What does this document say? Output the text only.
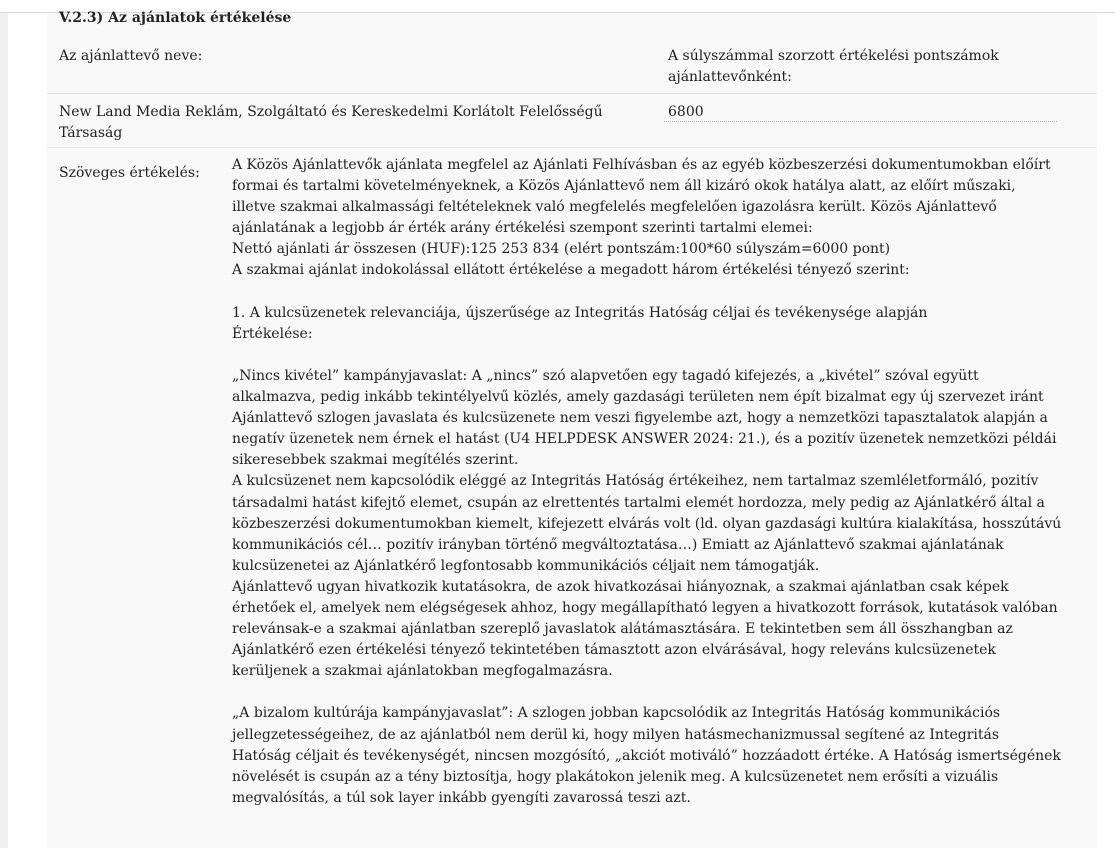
V.2.3) Az ajánlatok értékelése
Az ajánlattevő neve:	A súlyszámmal szorzott értékelési pontszámok ajánlattevőnként:
New Land Media Reklám, Szolgáltató és Kereskedelmi Korlátolt Felelősségű Társaság
6800
Szöveges értékelés: A Közös Ajánlattevők ajánlata megfelel az Ajánlati Felhívásban és az egyéb közbeszerzési dokumentumokban előírt formai és tartalmi követelményeknek, a Közös Ajánlattevő nem áll kizáró okok hatálya alatt, az előírt műszaki, illetve szakmai alkalmassági feltételeknek való megfelelés megfelelően igazolásra került. Közös Ajánlattevő ajánlatának a legjobb ár érték arány értékelési szempont szerinti tartalmi elemei:

Nettó ajánlati ár összesen (HUF):125 253 834 (elért pontszám:100*60 súlyszám=6000 pont)

A szakmai ajánlat indokolással ellátott értékelése a megadott három értékelési tényező szerint:

1. A kulcsüzenetek relevanciája, újszerűsége az Integritás Hatóság céljai és tevékenysége alapján

Értékelése:

„Nincs kivétel” kampányjavaslat: A „nincs” szó alapvetően egy tagadó kifejezés, a „kivétel” szóval együtt alkalmazva, pedig inkább tekintélyelvű közlés, amely gazdasági területen nem épít bizalmat egy új szervezet iránt Ajánlattevő szlogen javaslata és kulcsüzenete nem veszi figyelembe azt, hogy a nemzetközi tapasztalatok alapján a negatív üzenetek nem érnek el hatást (U4 HELPDESK ANSWER 2024: 21.), és a pozitív üzenetek nemzetközi példái sikeresebbek szakmai megítélés szerint.

A kulcsüzenet nem kapcsolódik eléggé az Integritás Hatóság értékeihez, nem tartalmaz szemléletformáló, pozitív társadalmi hatást kifejtő elemet, csupán az elrettentés tartalmi elemét hordozza, mely pedig az Ajánlatkérő által a közbeszerzési dokumentumokban kiemelt, kifejezett elvárás volt (ld. olyan gazdasági kultúra kialakítása, hosszútávú kommunikációs cél… pozitív irányban történő megváltoztatása…) Emiatt az Ajánlattevő szakmai ajánlatának kulcsüzenetei az Ajánlatkérő legfontosabb kommunikációs céljait nem támogatják.

Ajánlattevő ugyan hivatkozik kutatásokra, de azok hivatkozásai hiányoznak, a szakmai ajánlatban csak képek érhetőek el, amelyek nem elégségesek ahhoz, hogy megállapítható legyen a hivatkozott források, kutatások valóban relevánsak-e a szakmai ajánlatban szereplő javaslatok alátámasztására. E tekintetben sem áll összhangban az Ajánlatkérő ezen értékelési tényező tekintetében támasztott azon elvárásával, hogy releváns kulcsüzenetek kerüljenek a szakmai ajánlatokban megfogalmazásra.

„A bizalom kultúrája kampányjavaslat”: A szlogen jobban kapcsolódik az Integritás Hatóság kommunikációs jellegzetességeihez, de az ajánlatból nem derül ki, hogy milyen hatásmechanizmussal segítené az Integritás Hatóság céljait és tevékenységét, nincsen mozgósító, „akciót motiváló” hozzáadott értéke. A Hatóság ismertségének növelését is csupán az a tény biztosítja, hogy plakátokon jelenik meg. A kulcsüzenetet nem erősíti a vizuális megvalósítás, a túl sok layer inkább gyengíti zavarossá teszi azt.
